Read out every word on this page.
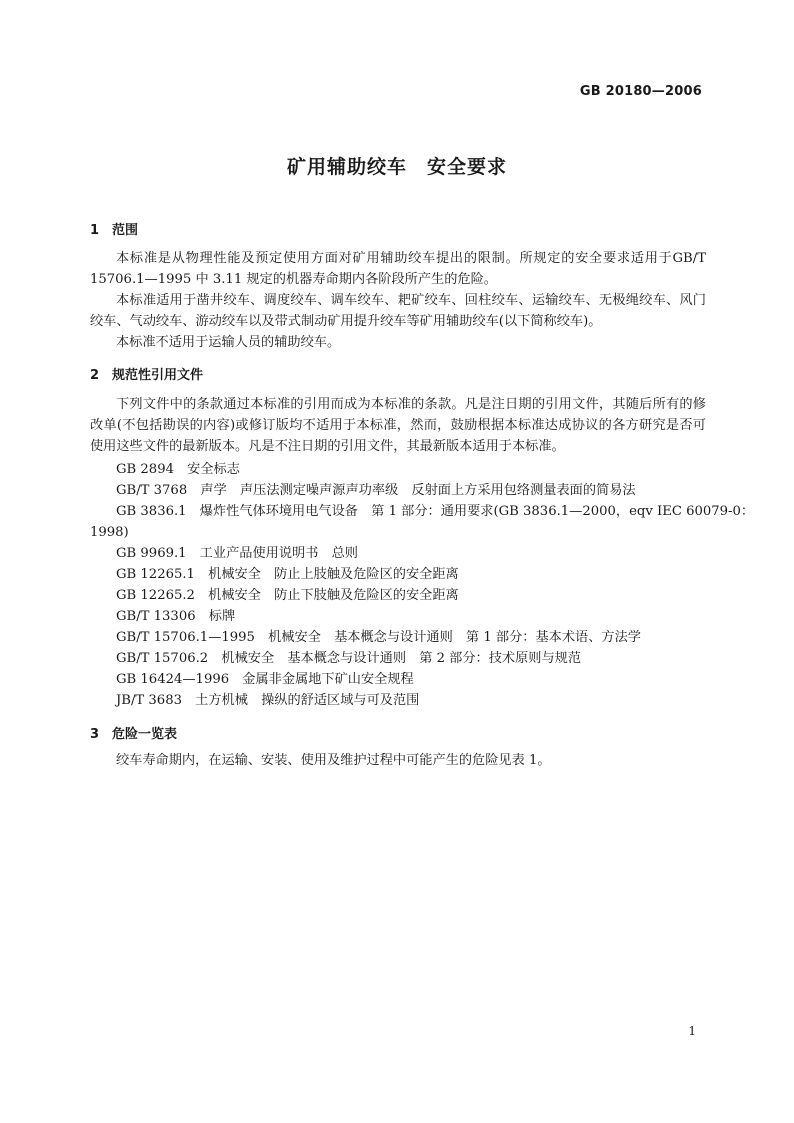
GB 20180—2006
矿用辅助绞车　安全要求
1 范围

本标准是从物理性能及预定使用方面对矿用辅助绞车提出的限制。所规定的安全要求适用于GB/T 15706.1—1995 中 3.11 规定的机器寿命期内各阶段所产生的危险。

本标准适用于凿井绞车、调度绞车、调车绞车、耙矿绞车、回柱绞车、运输绞车、无极绳绞车、风门绞车、气动绞车、游动绞车以及带式制动矿用提升绞车等矿用辅助绞车(以下简称绞车)。

本标准不适用于运输人员的辅助绞车。

2 规范性引用文件

下列文件中的条款通过本标准的引用而成为本标准的条款。凡是注日期的引用文件，其随后所有的修改单(不包括勘误的内容)或修订版均不适用于本标准，然而，鼓励根据本标准达成协议的各方研究是否可使用这些文件的最新版本。凡是不注日期的引用文件，其最新版本适用于本标准。

GB 2894　安全标志
GB/T 3768　声学　声压法测定噪声源声功率级　反射面上方采用包络测量表面的简易法
GB 3836.1　爆炸性气体环境用电气设备　第 1 部分：通用要求(GB 3836.1—2000，eqv IEC 60079-0：
1998)
GB 9969.1　工业产品使用说明书　总则
GB 12265.1　机械安全　防止上肢触及危险区的安全距离
GB 12265.2　机械安全　防止下肢触及危险区的安全距离
GB/T 13306　标牌
GB/T 15706.1—1995　机械安全　基本概念与设计通则　第 1 部分：基本术语、方法学
GB/T 15706.2　机械安全　基本概念与设计通则　第 2 部分：技术原则与规范
GB 16424—1996　金属非金属地下矿山安全规程
JB/T 3683　土方机械　操纵的舒适区域与可及范围
3 危险一览表

绞车寿命期内，在运输、安装、使用及维护过程中可能产生的危险见表 1。

1
